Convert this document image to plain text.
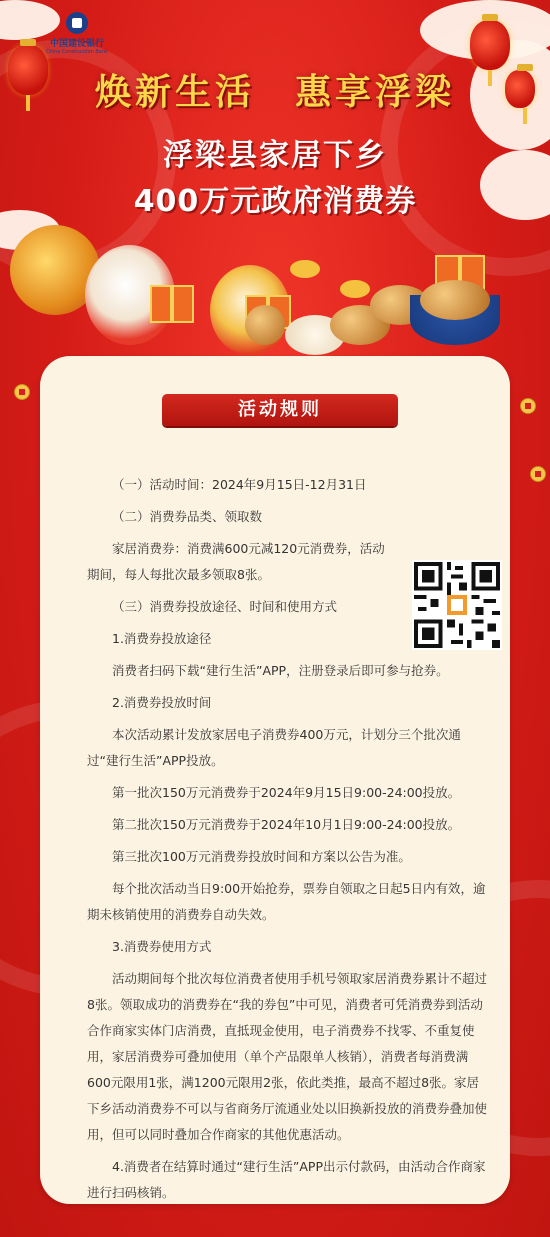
中国建设银行
China Construction Bank
焕新生活　惠享浮梁
浮梁县家居下乡
400万元政府消费券
活动规则

（一）活动时间：2024年9月15日-12月31日

（二）消费券品类、领取数

家居消费券：消费满600元减120元消费券，活动期间，每人每批次最多领取8张。

（三）消费券投放途径、时间和使用方式

1.消费券投放途径

消费者扫码下载“建行生活”APP，注册登录后即可参与抢券。

2.消费券投放时间

本次活动累计发放家居电子消费券400万元，计划分三个批次通过“建行生活”APP投放。

第一批次150万元消费券于2024年9月15日9:00-24:00投放。

第二批次150万元消费券于2024年10月1日9:00-24:00投放。

第三批次100万元消费券投放时间和方案以公告为准。

每个批次活动当日9:00开始抢券，票券自领取之日起5日内有效，逾期未核销使用的消费券自动失效。

3.消费券使用方式

活动期间每个批次每位消费者使用手机号领取家居消费券累计不超过8张。领取成功的消费券在“我的券包”中可见，消费者可凭消费券到活动合作商家实体门店消费，直抵现金使用，电子消费券不找零、不重复使用，家居消费券可叠加使用（单个产品限单人核销），消费者每消费满600元限用1张，满1200元限用2张，依此类推，最高不超过8张。家居下乡活动消费券不可以与省商务厅流通业处以旧换新投放的消费券叠加使用，但可以同时叠加合作商家的其他优惠活动。

4.消费者在结算时通过“建行生活”APP出示付款码，由活动合作商家进行扫码核销。
